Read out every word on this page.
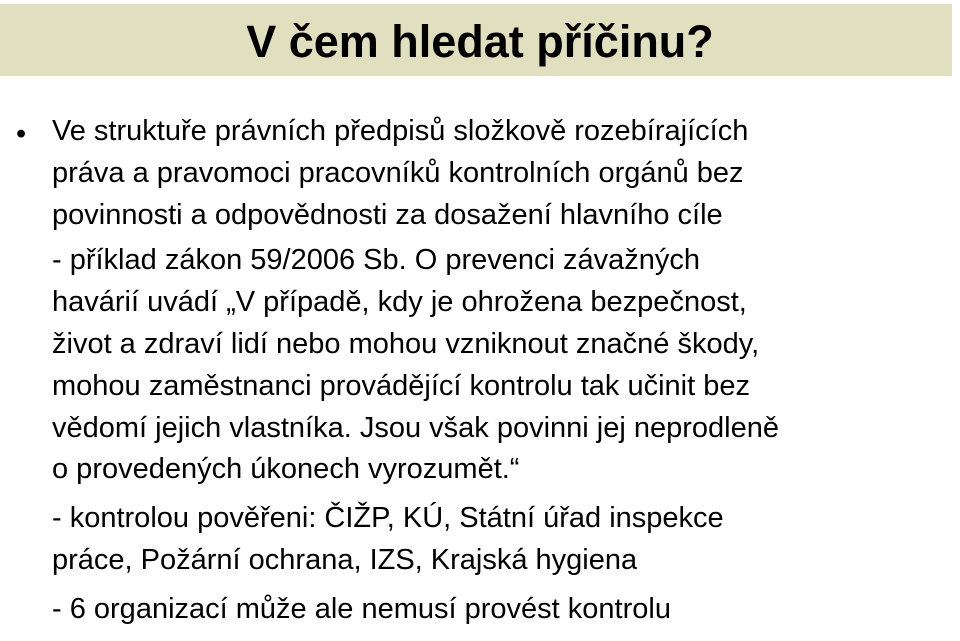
V čem hledat příčinu?
• Ve struktuře právních předpisů složkově rozebírajících
práva a pravomoci pracovníků kontrolních orgánů bez
povinnosti a odpovědnosti za dosažení hlavního cíle
- příklad zákon 59/2006 Sb. O prevenci závažných
havárií uvádí „V případě, kdy je ohrožena bezpečnost,
život a zdraví lidí nebo mohou vzniknout značné škody,
mohou zaměstnanci provádějící kontrolu tak učinit bez
vědomí jejich vlastníka. Jsou však povinni jej neprodleně
o provedených úkonech vyrozumět.“
- kontrolou pověřeni: ČIŽP, KÚ, Státní úřad inspekce
práce, Požární ochrana, IZS, Krajská hygiena
- 6 organizací může ale nemusí provést kontrolu
